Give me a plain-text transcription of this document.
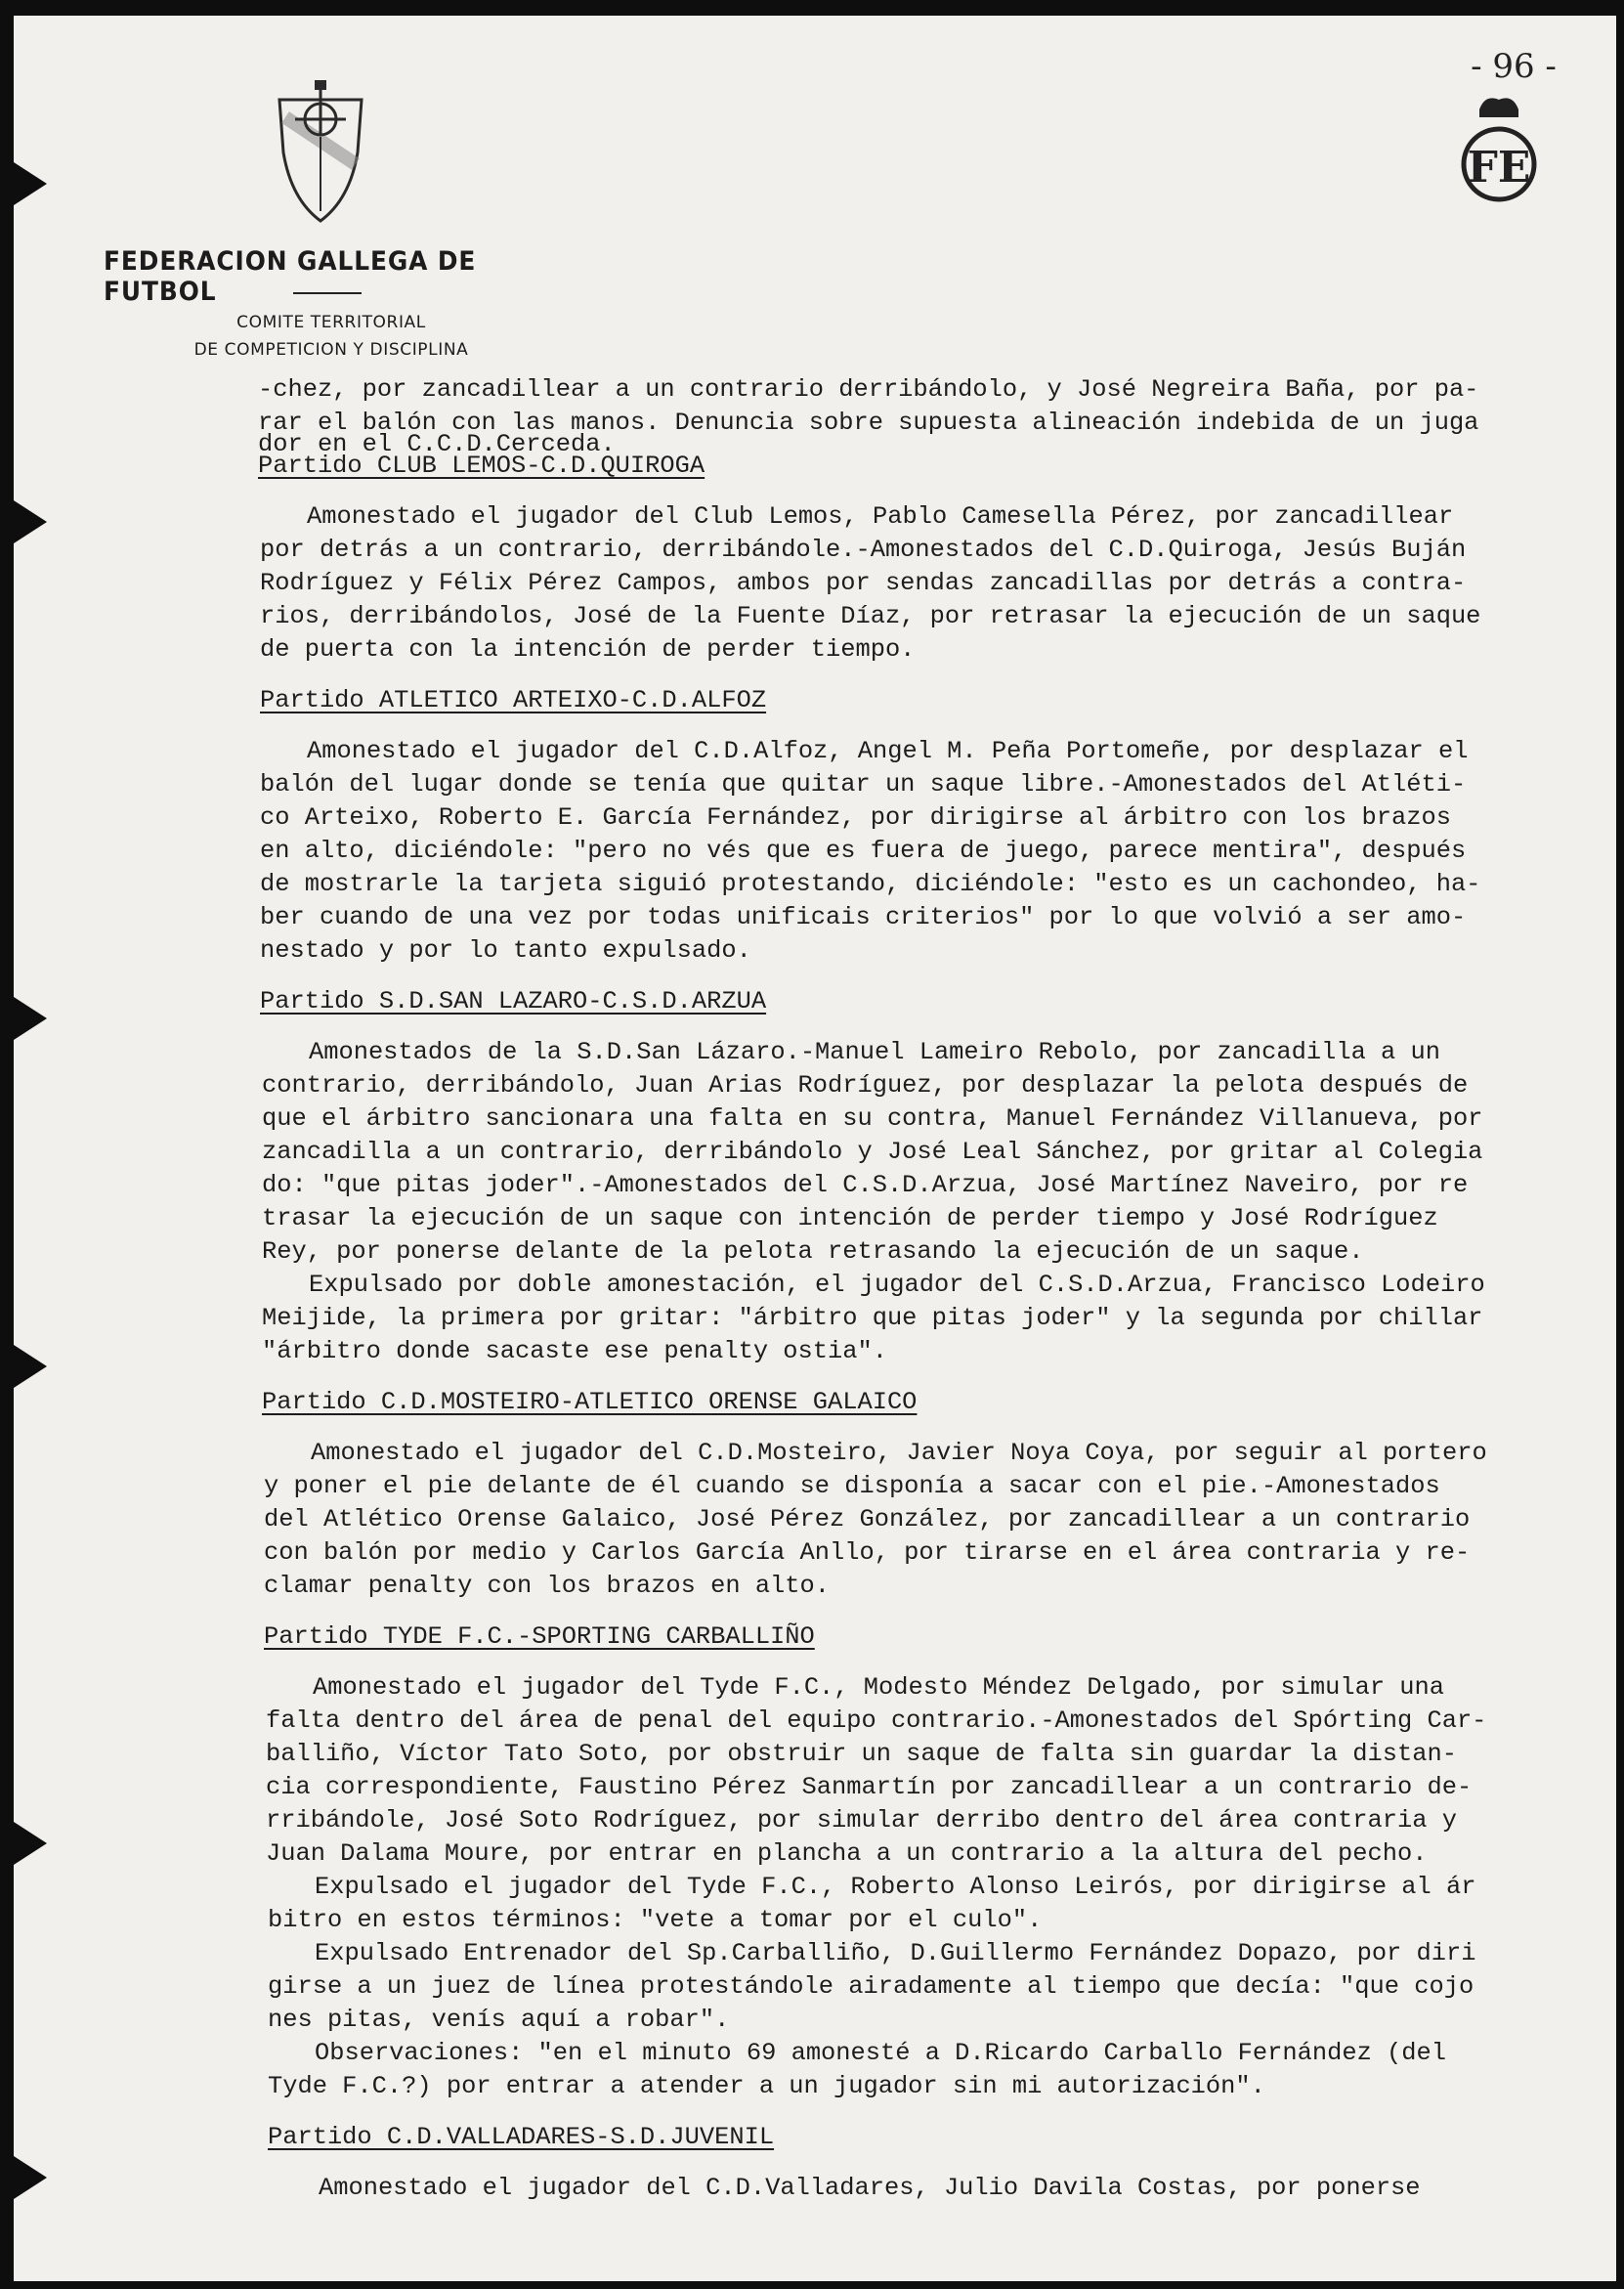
- 96 -
FE
FEDERACION GALLEGA DE FUTBOL
COMITE TERRITORIAL
DE COMPETICION Y DISCIPLINA
-chez, por zancadillear a un contrario derribándolo, y José Negreira Baña, por pa-
rar el balón con las manos. Denuncia sobre supuesta alineación indebida de un juga
dor en el C.C.D.Cerceda.
Partido CLUB LEMOS-C.D.QUIROGA
Amonestado el jugador del Club Lemos, Pablo Camesella Pérez, por zancadillear
por detrás a un contrario, derribándole.-Amonestados del C.D.Quiroga, Jesús Buján
Rodríguez y Félix Pérez Campos, ambos por sendas zancadillas por detrás a contra-
rios, derribándolos, José de la Fuente Díaz, por retrasar la ejecución de un saque
de puerta con la intención de perder tiempo.
Partido ATLETICO ARTEIXO-C.D.ALFOZ
Amonestado el jugador del C.D.Alfoz, Angel M. Peña Portomeñe, por desplazar el
balón del lugar donde se tenía que quitar un saque libre.-Amonestados del Atléti-
co Arteixo, Roberto E. García Fernández, por dirigirse al árbitro con los brazos
en alto, diciéndole: "pero no vés que es fuera de juego, parece mentira", después
de mostrarle la tarjeta siguió protestando, diciéndole: "esto es un cachondeo, ha-
ber cuando de una vez por todas unificais criterios" por lo que volvió a ser amo-
nestado y por lo tanto expulsado.
Partido S.D.SAN LAZARO-C.S.D.ARZUA
Amonestados de la S.D.San Lázaro.-Manuel Lameiro Rebolo, por zancadilla a un
contrario, derribándolo, Juan Arias Rodríguez, por desplazar la pelota después de
que el árbitro sancionara una falta en su contra, Manuel Fernández Villanueva, por
zancadilla a un contrario, derribándolo y José Leal Sánchez, por gritar al Colegia
do: "que pitas joder".-Amonestados del C.S.D.Arzua, José Martínez Naveiro, por re
trasar la ejecución de un saque con intención de perder tiempo y José Rodríguez
Rey, por ponerse delante de la pelota retrasando la ejecución de un saque.
Expulsado por doble amonestación, el jugador del C.S.D.Arzua, Francisco Lodeiro
Meijide, la primera por gritar: "árbitro que pitas joder" y la segunda por chillar
"árbitro donde sacaste ese penalty ostia".
Partido C.D.MOSTEIRO-ATLETICO ORENSE GALAICO
Amonestado el jugador del C.D.Mosteiro, Javier Noya Coya, por seguir al portero
y poner el pie delante de él cuando se disponía a sacar con el pie.-Amonestados
del Atlético Orense Galaico, José Pérez González, por zancadillear a un contrario
con balón por medio y Carlos García Anllo, por tirarse en el área contraria y re-
clamar penalty con los brazos en alto.
Partido TYDE F.C.-SPORTING CARBALLIÑO
Amonestado el jugador del Tyde F.C., Modesto Méndez Delgado, por simular una
falta dentro del área de penal del equipo contrario.-Amonestados del Spórting Car-
balliño, Víctor Tato Soto, por obstruir un saque de falta sin guardar la distan-
cia correspondiente, Faustino Pérez Sanmartín por zancadillear a un contrario de-
rribándole, José Soto Rodríguez, por simular derribo dentro del área contraria y
Juan Dalama Moure, por entrar en plancha a un contrario a la altura del pecho.
Expulsado el jugador del Tyde F.C., Roberto Alonso Leirós, por dirigirse al ár
bitro en estos términos: "vete a tomar por el culo".
Expulsado Entrenador del Sp.Carballiño, D.Guillermo Fernández Dopazo, por diri
girse a un juez de línea protestándole airadamente al tiempo que decía: "que cojo
nes pitas, venís aquí a robar".
Observaciones: "en el minuto 69 amonesté a D.Ricardo Carballo Fernández (del
Tyde F.C.?) por entrar a atender a un jugador sin mi autorización".
Partido C.D.VALLADARES-S.D.JUVENIL
Amonestado el jugador del C.D.Valladares, Julio Davila Costas, por ponerse
